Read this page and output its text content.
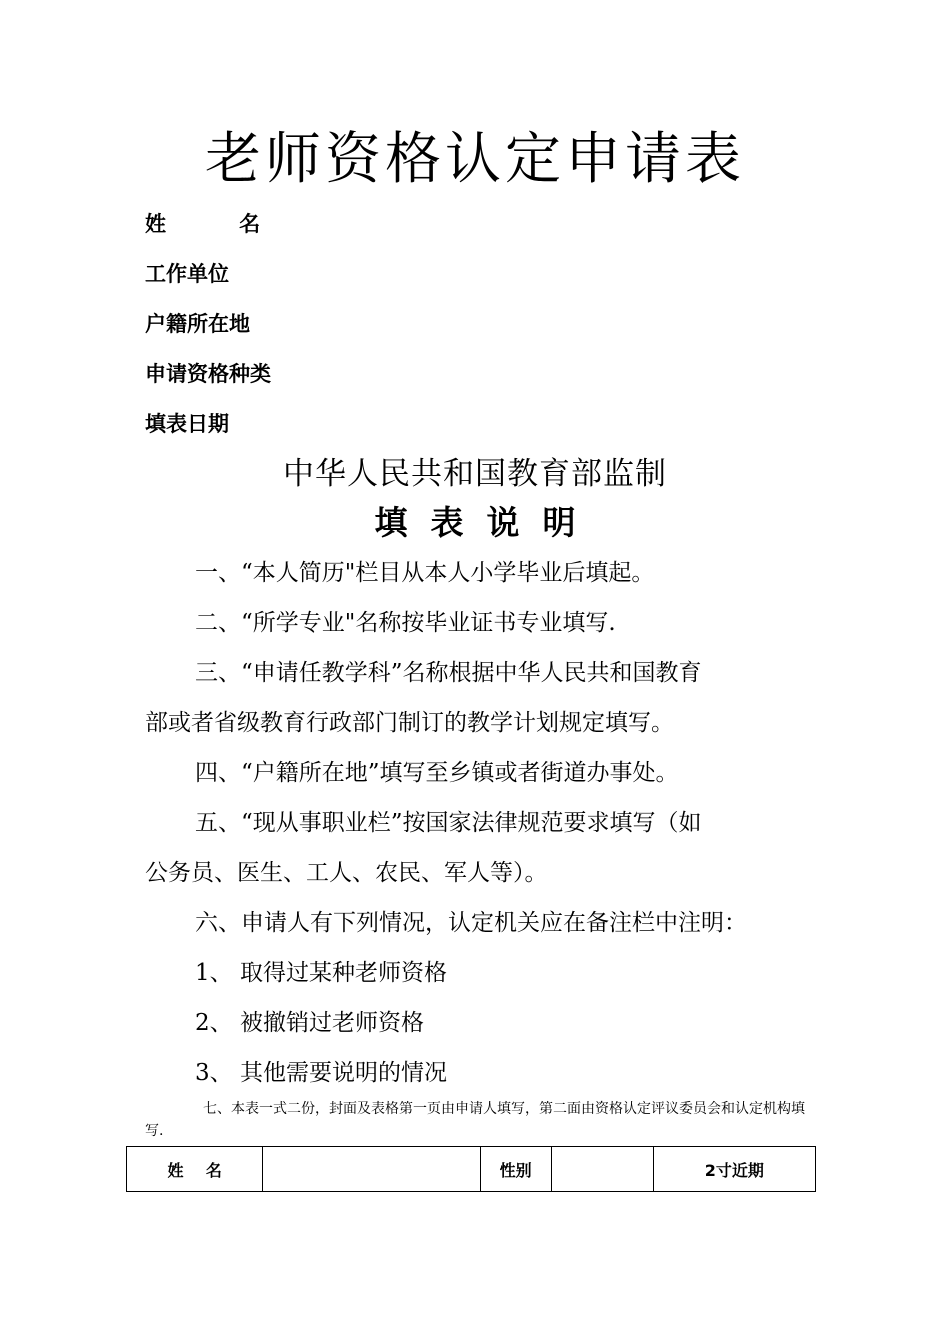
老师资格认定申请表
姓          名
工作单位
户籍所在地
申请资格种类
填表日期
中华人民共和国教育部监制
填  表  说  明
一、“本人简历"栏目从本人小学毕业后填起。
二、“所学专业"名称按毕业证书专业填写.
三、“申请任教学科”名称根据中华人民共和国教育
部或者省级教育行政部门制订的教学计划规定填写。
四、“户籍所在地”填写至乡镇或者街道办事处。
五、“现从事职业栏”按国家法律规范要求填写（如
公务员、医生、工人、农民、军人等）。
六、申请人有下列情况，认定机关应在备注栏中注明：
1、 取得过某种老师资格
2、 被撤销过老师资格
3、 其他需要说明的情况
七、本表一式二份，封面及表格第一页由申请人填写，第二面由资格认定评议委员会和认定机构填写.
姓    名		性别		2寸近期
